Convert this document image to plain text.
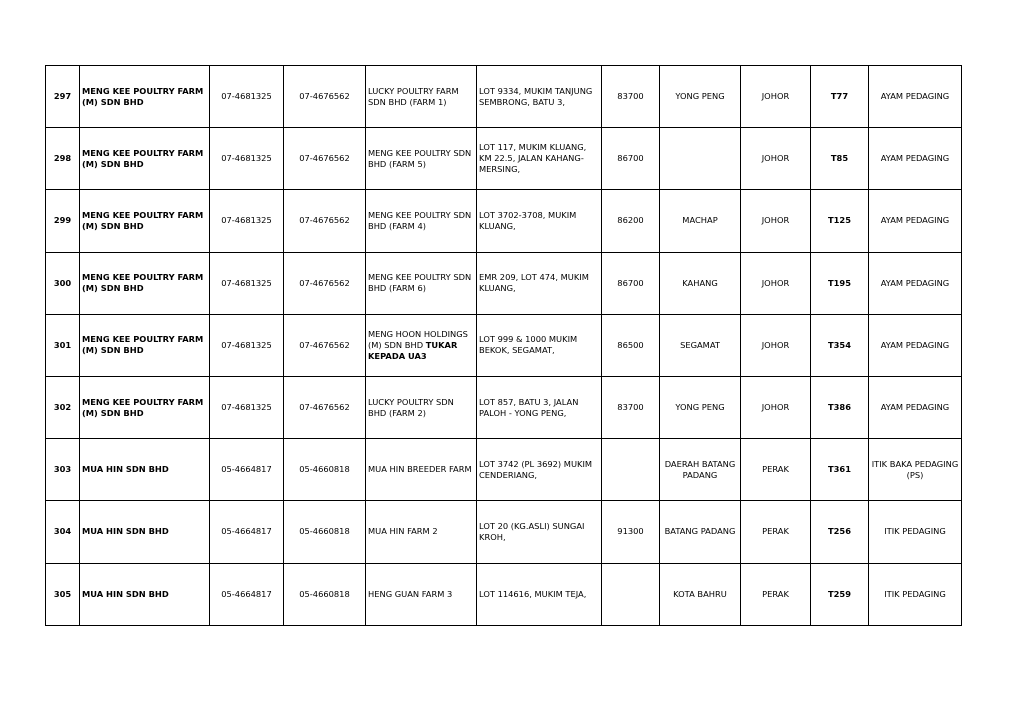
297	MENG KEE POULTRY FARM (M) SDN BHD	07-4681325	07-4676562	LUCKY POULTRY FARM SDN BHD (FARM 1)	LOT 9334, MUKIM TANJUNG SEMBRONG, BATU 3,	83700	YONG PENG	JOHOR	T77	AYAM PEDAGING
298	MENG KEE POULTRY FARM (M) SDN BHD	07-4681325	07-4676562	MENG KEE POULTRY SDN BHD (FARM 5)	LOT 117, MUKIM KLUANG, KM 22.5, JALAN KAHANG-MERSING,	86700		JOHOR	T85	AYAM PEDAGING
299	MENG KEE POULTRY FARM (M) SDN BHD	07-4681325	07-4676562	MENG KEE POULTRY SDN BHD (FARM 4)	LOT 3702-3708, MUKIM KLUANG,	86200	MACHAP	JOHOR	T125	AYAM PEDAGING
300	MENG KEE POULTRY FARM (M) SDN BHD	07-4681325	07-4676562	MENG KEE POULTRY SDN BHD (FARM 6)	EMR 209, LOT 474, MUKIM KLUANG,	86700	KAHANG	JOHOR	T195	AYAM PEDAGING
301	MENG KEE POULTRY FARM (M) SDN BHD	07-4681325	07-4676562	MENG HOON HOLDINGS (M) SDN BHD TUKAR KEPADA UA3	LOT 999 & 1000 MUKIM BEKOK, SEGAMAT,	86500	SEGAMAT	JOHOR	T354	AYAM PEDAGING
302	MENG KEE POULTRY FARM (M) SDN BHD	07-4681325	07-4676562	LUCKY POULTRY SDN BHD (FARM 2)	LOT 857, BATU 3, JALAN PALOH - YONG PENG,	83700	YONG PENG	JOHOR	T386	AYAM PEDAGING
303	MUA HIN SDN BHD	05-4664817	05-4660818	MUA HIN BREEDER FARM	LOT 3742 (PL 3692) MUKIM CENDERIANG,		DAERAH BATANG PADANG	PERAK	T361	ITIK BAKA PEDAGING (PS)
304	MUA HIN SDN BHD	05-4664817	05-4660818	MUA HIN FARM 2	LOT 20 (KG.ASLI) SUNGAI KROH,	91300	BATANG PADANG	PERAK	T256	ITIK PEDAGING
305	MUA HIN SDN BHD	05-4664817	05-4660818	HENG GUAN FARM 3	LOT 114616, MUKIM TEJA,		KOTA BAHRU	PERAK	T259	ITIK PEDAGING
